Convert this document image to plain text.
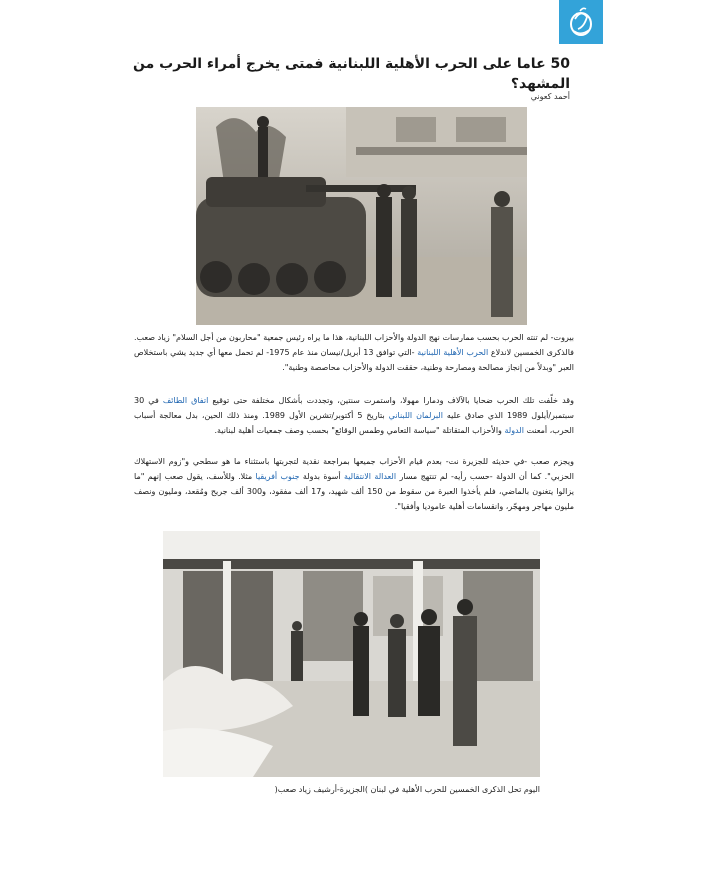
50 عاما على الحرب الأهلية اللبنانية فمتى يخرج أمراء الحرب من المشهد؟
أحمد كعوني

بيروت- لم تنته الحرب بحسب ممارسات نهج الدولة والأحزاب اللبنانية، هذا ما يراه رئيس جمعية "محاربون من أجل السلام" زياد صعب. فالذكرى الخمسين لاندلاع الحرب الأهلية اللبنانية -التي توافق 13 أبريل/نيسان منذ عام 1975- لم تحمل معها أي جديد يشي باستخلاص العبر "وبدلاً من إنجاز مصالحة ومصارحة وطنية، حققت الدولة والأحزاب محاصصة وطنية".

وقد خلّفت تلك الحرب ضحايا بالآلاف ودمارا مهولا، واستمرت سنتين، وتجددت بأشكال مختلفة حتى توقيع اتفاق الطائف في 30 سبتمبر/أيلول 1989 الذي صادق عليه البرلمان اللبناني بتاريخ 5 أكتوبر/تشرين الأول 1989. ومنذ ذلك الحين، بدل معالجة أسباب الحرب، أمعنت الدولة والأحزاب المتقاتلة "سياسة التعامي وطمس الوقائع" بحسب وصف جمعيات أهلية لبنانية.

ويجزم صعب -في حديثه للجزيرة نت- بعدم قيام الأحزاب جميعها بمراجعة نقدية لتجربتها باستثناء ما هو سطحي و"زوم الاستهلاك الحزبي". كما أن الدولة -حسب رأيه- لم تنتهج مسار العدالة الانتقالية أسوة بدولة جنوب أفريقيا مثلا. وللأسف، يقول صعب إنهم "ما يزالوا يتغنون بالماضي، فلم يأخذوا العبرة من سقوط من 150 ألف شهيد، و17 ألف مفقود، و300 ألف جريح ومُقعد، ومليون ونصف مليون مهاجر ومهجّر، وانقسامات أهلية عاموديا وأفقيا".

اليوم تحل الذكرى الخمسين للحرب الأهلية في لبنان )الجزيرة-أرشيف زياد صعب(
